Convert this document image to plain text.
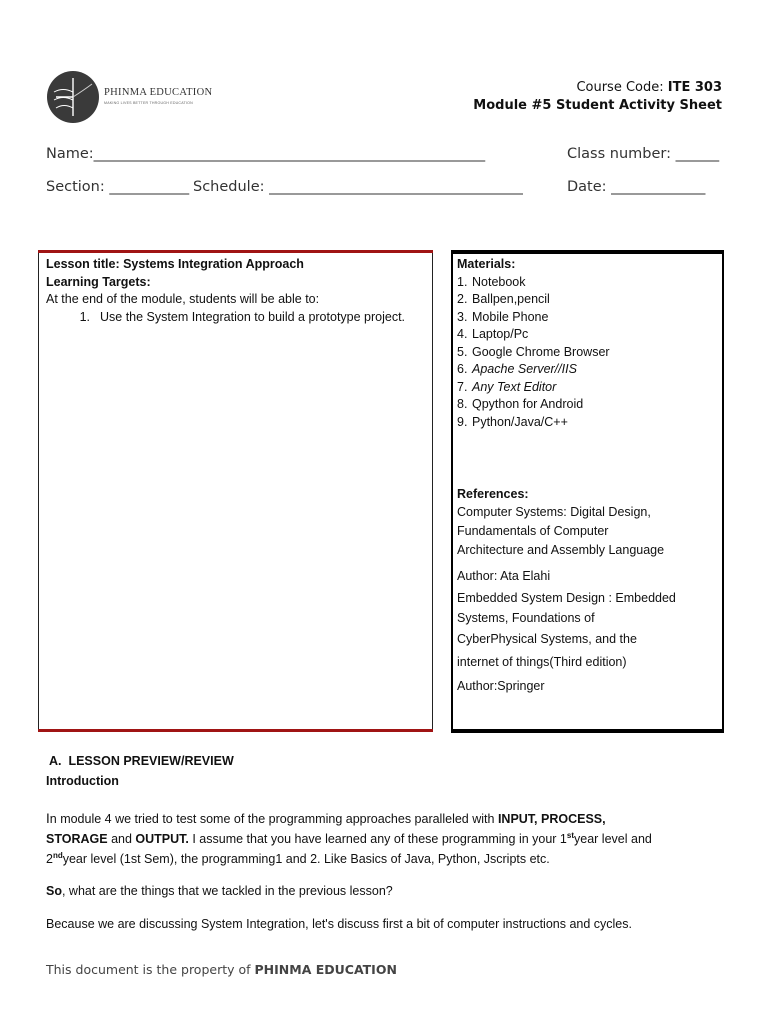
PHINMA EDUCATION
MAKING LIVES BETTER THROUGH EDUCATION
Course Code: ITE 303
Module #5 Student Activity Sheet
Name:______________________________________________________	Class number: ______
Section: ___________ Schedule: ___________________________________	Date: _____________
Lesson title: Systems Integration Approach
Learning Targets:
At the end of the module, students will be able to:
1. Use the System Integration to build a prototype project.
Materials:
1. Notebook
2. Ballpen,pencil
3. Mobile Phone
4. Laptop/Pc
5. Google Chrome Browser
6. Apache Server//IIS
7. Any Text Editor
8. Qpython for Android
9. Python/Java/C++

References:

Computer Systems: Digital Design,

Fundamentals of Computer

Architecture and Assembly Language

Author: Ata Elahi

Embedded System Design : Embedded

Systems, Foundations of

CyberPhysical Systems, and the

internet of things(Third edition)

Author:Springer

A. LESSON PREVIEW/REVIEW
Introduction
In module 4 we tried to test some of the programming approaches paralleled with INPUT, PROCESS,
STORAGE and OUTPUT. I assume that you have learned any of these programming in your 1styear level and
2ndyear level (1st Sem), the programming1 and 2. Like Basics of Java, Python, Jscripts etc.
So, what are the things that we tackled in the previous lesson?
Because we are discussing System Integration, let's discuss first a bit of computer instructions and cycles.
This document is the property of PHINMA EDUCATION
